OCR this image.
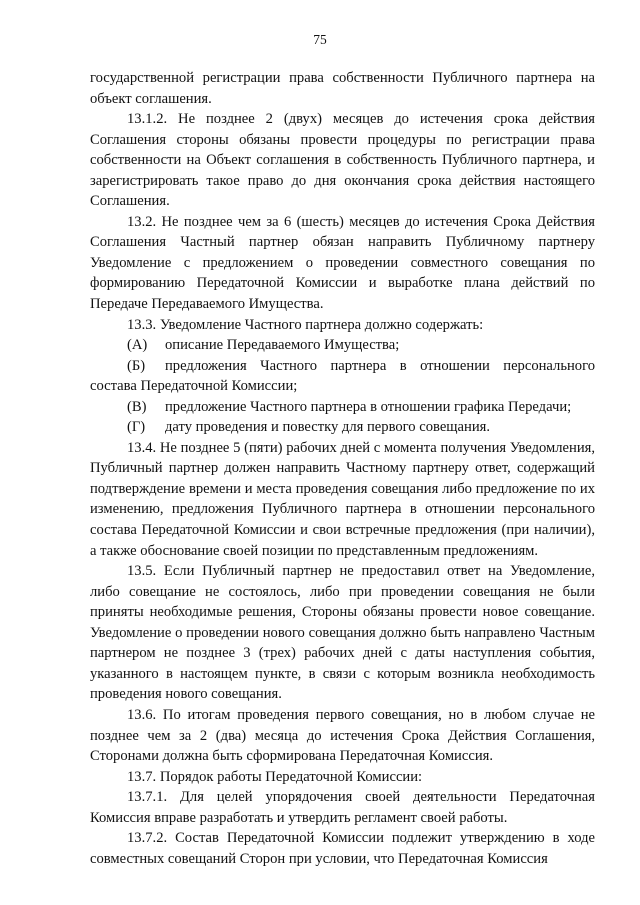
75

государственной регистрации права собственности Публичного партнера на объект соглашения.

13.1.2. Не позднее 2 (двух) месяцев до истечения срока действия Соглашения стороны обязаны провести процедуры по регистрации права собственности на Объект соглашения в собственность Публичного партнера, и зарегистрировать такое право до дня окончания срока действия настоящего Соглашения.

13.2. Не позднее чем за 6 (шесть) месяцев до истечения Срока Действия Соглашения Частный партнер обязан направить Публичному партнеру Уведомление с предложением о проведении совместного совещания по формированию Передаточной Комиссии и выработке плана действий по Передаче Передаваемого Имущества.

13.3. Уведомление Частного партнера должно содержать:

(А) описание Передаваемого Имущества;

(Б) предложения Частного партнера в отношении персонального состава Передаточной Комиссии;

(В) предложение Частного партнера в отношении графика Передачи;

(Г) дату проведения и повестку для первого совещания.

13.4. Не позднее 5 (пяти) рабочих дней с момента получения Уведомления, Публичный партнер должен направить Частному партнеру ответ, содержащий подтверждение времени и места проведения совещания либо предложение по их изменению, предложения Публичного партнера в отношении персонального состава Передаточной Комиссии и свои встречные предложения (при наличии), а также обоснование своей позиции по представленным предложениям.

13.5. Если Публичный партнер не предоставил ответ на Уведомление, либо совещание не состоялось, либо при проведении совещания не были приняты необходимые решения, Стороны обязаны провести новое совещание. Уведомление о проведении нового совещания должно быть направлено Частным партнером не позднее 3 (трех) рабочих дней с даты наступления события, указанного в настоящем пункте, в связи с которым возникла необходимость проведения нового совещания.

13.6. По итогам проведения первого совещания, но в любом случае не позднее чем за 2 (два) месяца до истечения Срока Действия Соглашения, Сторонами должна быть сформирована Передаточная Комиссия.

13.7. Порядок работы Передаточной Комиссии:

13.7.1. Для целей упорядочения своей деятельности Передаточная Комиссия вправе разработать и утвердить регламент своей работы.

13.7.2. Состав Передаточной Комиссии подлежит утверждению в ходе совместных совещаний Сторон при условии, что Передаточная Комиссия
